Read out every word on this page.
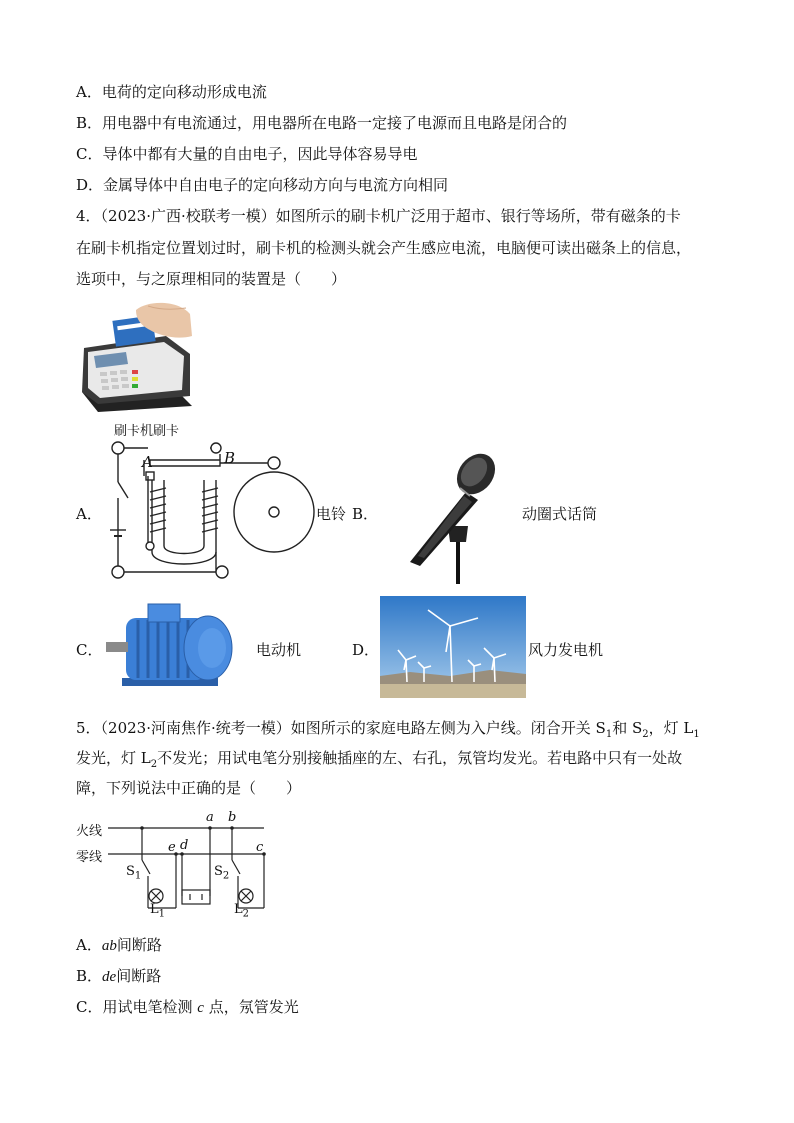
A．电荷的定向移动形成电流
B．用电器中有电流通过，用电器所在电路一定接了电源而且电路是闭合的
C．导体中都有大量的自由电子，因此导体容易导电
D．金属导体中自由电子的定向移动方向与电流方向相同
4．（2023·广西·校联考一模）如图所示的刷卡机广泛用于超市、银行等场所，带有磁条的卡
在刷卡机指定位置划过时，刷卡机的检测头就会产生感应电流，电脑便可读出磁条上的信息，
选项中，与之原理相同的装置是（　　）
刷卡机刷卡
A．
A	B
电铃 B．	动圈式话筒
C．	电动机	D．	风力发电机
5．（2023·河南焦作·统考一模）如图所示的家庭电路左侧为入户线。闭合开关 $S_1$和 $S_2$，灯 $L_1$
发光，灯 $L_2$不发光；用试电笔分别接触插座的左、右孔，氖管均发光。若电路中只有一处故
障，下列说法中正确的是（　　）
火线
零线
a b
c
d
e
$S_1$	$S_2$
$L_1$	$L_2$
A．ab间断路
B．de间断路
C．用试电笔检测 c 点，氖管发光
